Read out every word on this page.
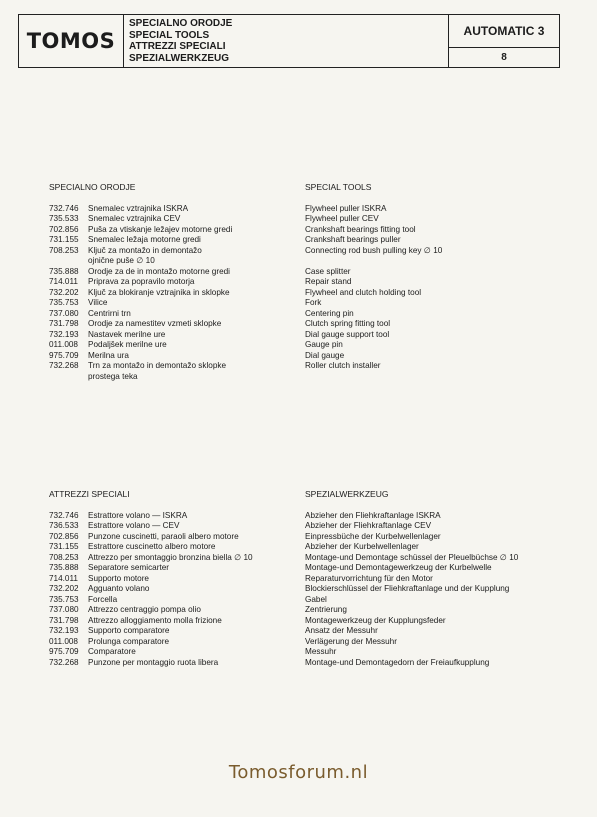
TOMOS
SPECIALNO ORODJE
SPECIAL TOOLS
ATTREZZI SPECIALI
SPEZIALWERKZEUG
AUTOMATIC 3
8
SPECIALNO ORODJE
732.746	Snemalec vztrajnika ISKRA
735.533	Snemalec vztrajnika CEV
702.856	Puša za vtiskanje ležajev motorne gredi
731.155	Snemalec ležaja motorne gredi
708.253	Ključ za montažo in demontažo
ojnične puše ∅ 10
735.888	Orodje za de in montažo motorne gredi
714.011	Priprava za popravilo motorja
732.202	Ključ za blokiranje vztrajnika in sklopke
735.753	Vilice
737.080	Centrirni trn
731.798	Orodje za namestitev vzmeti sklopke
732.193	Nastavek merilne ure
011.008	Podaljšek merilne ure
975.709	Merilna ura
732.268	Trn za montažo in demontažo sklopke
prostega teka
SPECIAL TOOLS
Flywheel puller ISKRA
Flywheel puller CEV
Crankshaft bearings fitting tool
Crankshaft bearings puller
Connecting rod bush pulling key ∅ 10

Case splitter
Repair stand
Flywheel and clutch holding tool
Fork
Centering pin
Clutch spring fitting tool
Dial gauge support tool
Gauge pin
Dial gauge
Roller clutch installer
ATTREZZI SPECIALI
732.746	Estrattore volano — ISKRA
736.533	Estrattore volano — CEV
702.856	Punzone cuscinetti, paraoli albero motore
731.155	Estrattore cuscinetto albero motore
708.253	Attrezzo per smontaggio bronzina biella ∅ 10
735.888	Separatore semicarter
714.011	Supporto motore
732.202	Agguanto volano
735.753	Forcella
737.080	Attrezzo centraggio pompa olio
731.798	Attrezzo alloggiamento molla frizione
732.193	Supporto comparatore
011.008	Prolunga comparatore
975.709	Comparatore
732.268	Punzone per montaggio ruota libera
SPEZIALWERKZEUG
Abzieher den Fliehkraftanlage ISKRA
Abzieher der Fliehkraftanlage CEV
Einpressbüche der Kurbelwellenlager
Abzieher der Kurbelwellenlager
Montage-und Demontage schüssel der Pleuelbüchse ∅ 10
Montage-und Demontagewerkzeug der Kurbelwelle
Reparaturvorrichtung für den Motor
Blockierschlüssel der Fliehkraftanlage und der Kupplung
Gabel
Zentrierung
Montagewerkzeug der Kupplungsfeder
Ansatz der Messuhr
Verlägerung der Messuhr
Messuhr
Montage-und Demontagedorn der Freiaufkupplung
Tomosforum.nl
